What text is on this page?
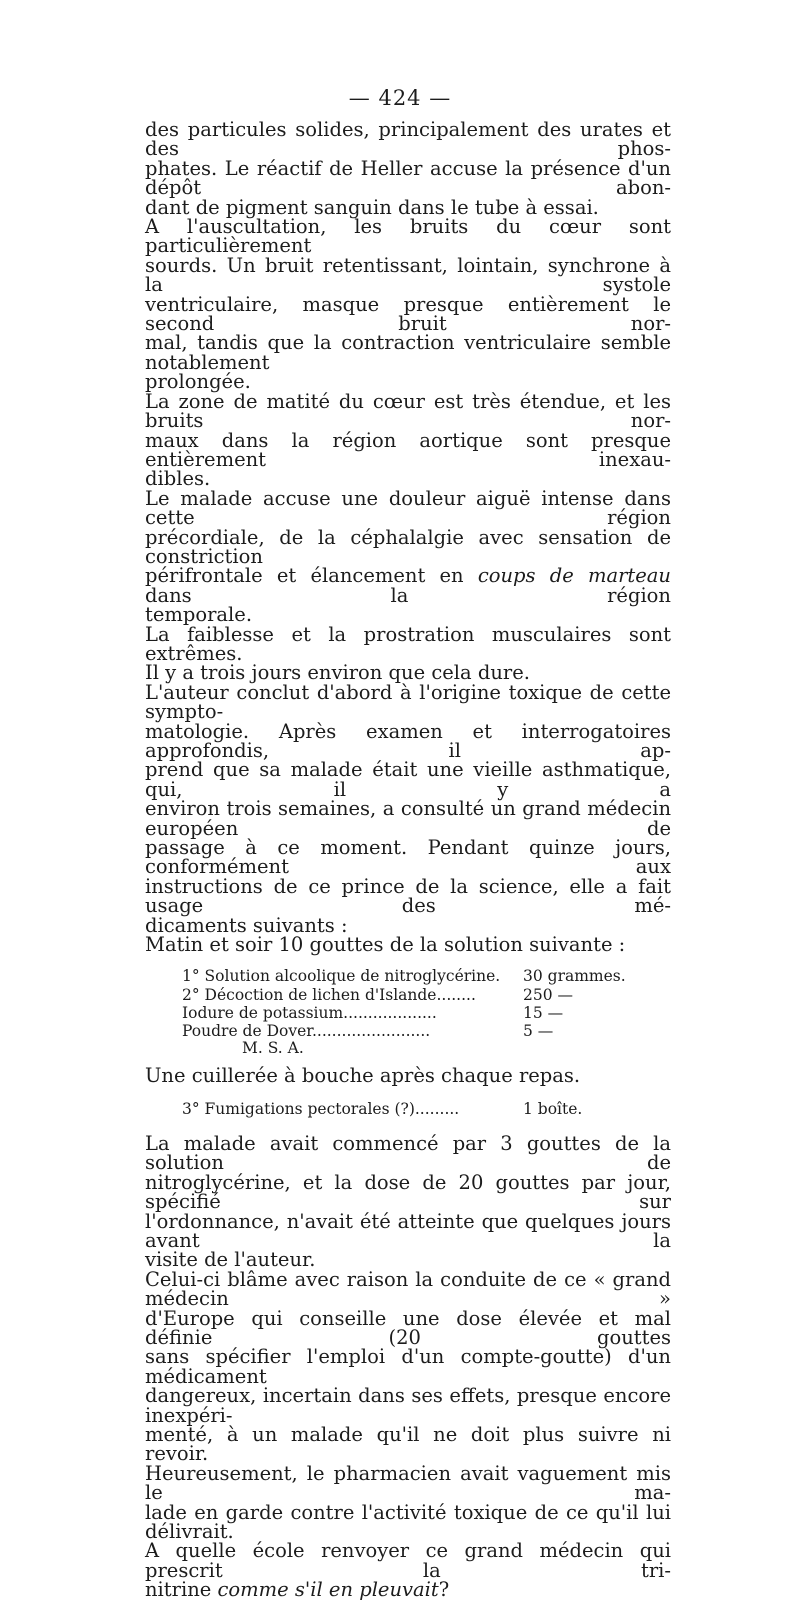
— 424 —

des particules solides, principalement des urates et des phos-
phates. Le réactif de Heller accuse la présence d'un dépôt abon-
dant de pigment sanguin dans le tube à essai.

A l'auscultation, les bruits du cœur sont particulièrement
sourds. Un bruit retentissant, lointain, synchrone à la systole
ventriculaire, masque presque entièrement le second bruit nor-
mal, tandis que la contraction ventriculaire semble notablement
prolongée.

La zone de matité du cœur est très étendue, et les bruits nor-
maux dans la région aortique sont presque entièrement inexau-
dibles.

Le malade accuse une douleur aiguë intense dans cette région
précordiale, de la céphalalgie avec sensation de constriction
périfrontale et élancement en coups de marteau dans la région
temporale.

La faiblesse et la prostration musculaires sont extrêmes.

Il y a trois jours environ que cela dure.

L'auteur conclut d'abord à l'origine toxique de cette sympto-
matologie. Après examen et interrogatoires approfondis, il ap-
prend que sa malade était une vieille asthmatique, qui, il y a
environ trois semaines, a consulté un grand médecin européen de
passage à ce moment. Pendant quinze jours, conformément aux
instructions de ce prince de la science, elle a fait usage des mé-
dicaments suivants :

Matin et soir 10 gouttes de la solution suivante :

1° Solution alcoolique de nitroglycérine. 30 grammes.
2° Décoction de lichen d'Islande........	250 —
Iodure de potassium...................	15 —
Poudre de Dover........................	5 —
M. S. A.

Une cuillerée à bouche après chaque repas.

3° Fumigations pectorales (?).........	1 boîte.

La malade avait commencé par 3 gouttes de la solution de
nitroglycérine, et la dose de 20 gouttes par jour, spécifié sur
l'ordonnance, n'avait été atteinte que quelques jours avant la
visite de l'auteur.

Celui-ci blâme avec raison la conduite de ce « grand médecin »
d'Europe qui conseille une dose élevée et mal définie (20 gouttes
sans spécifier l'emploi d'un compte-goutte) d'un médicament
dangereux, incertain dans ses effets, presque encore inexpéri-
menté, à un malade qu'il ne doit plus suivre ni revoir.

Heureusement, le pharmacien avait vaguement mis le ma-
lade en garde contre l'activité toxique de ce qu'il lui délivrait.

A quelle école renvoyer ce grand médecin qui prescrit la tri-
nitrine comme s'il en pleuvait?
